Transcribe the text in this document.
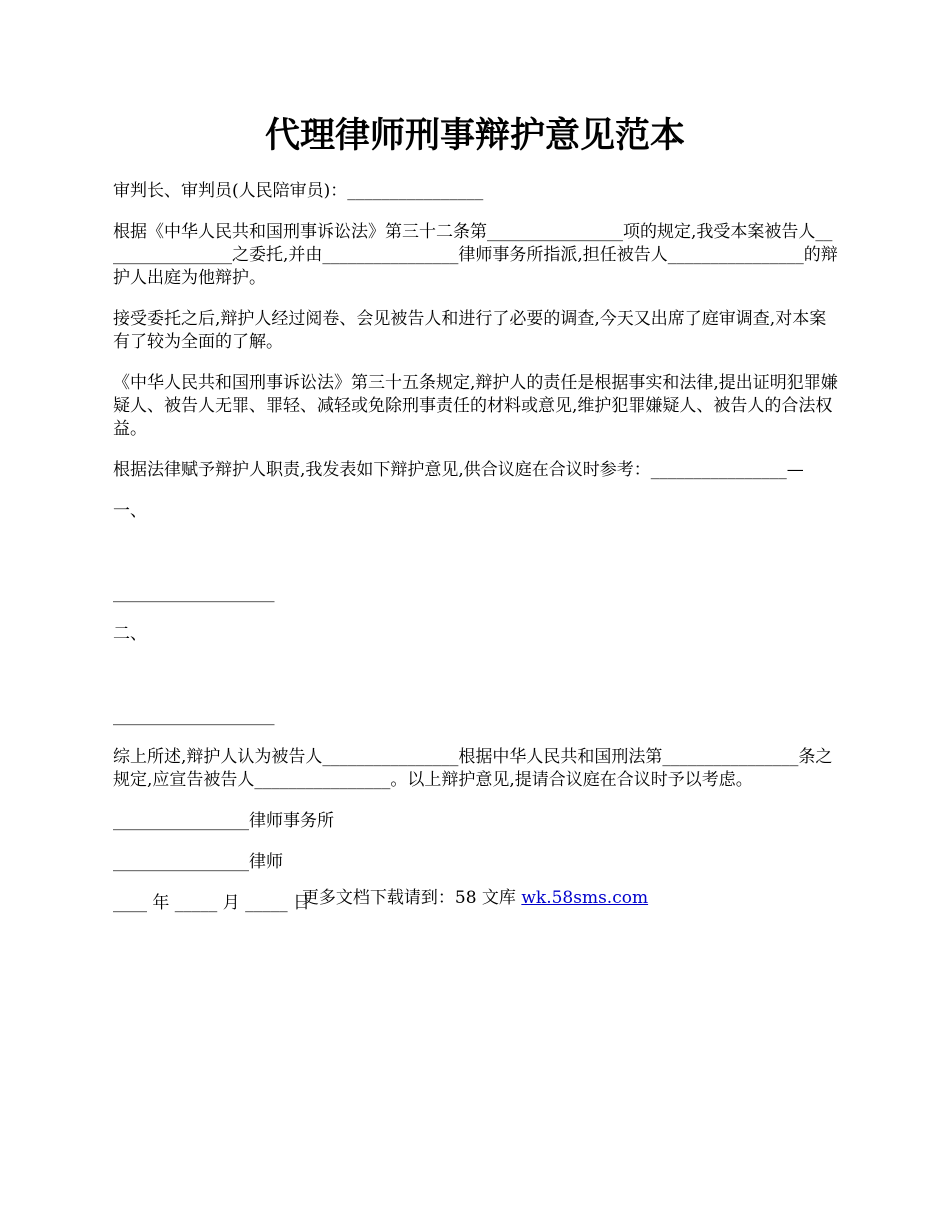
代理律师刑事辩护意见范本

审判长、审判员(人民陪审员)：________________

根据《中华人民共和国刑事诉讼法》第三十二条第________________项的规定,我受本案被告人________________之委托,并由________________律师事务所指派,担任被告人________________的辩护人出庭为他辩护。

接受委托之后,辩护人经过阅卷、会见被告人和进行了必要的调查,今天又出席了庭审调查,对本案有了较为全面的了解。

《中华人民共和国刑事诉讼法》第三十五条规定,辩护人的责任是根据事实和法律,提出证明犯罪嫌疑人、被告人无罪、罪轻、减轻或免除刑事责任的材料或意见,维护犯罪嫌疑人、被告人的合法权益。

根据法律赋予辩护人职责,我发表如下辩护意见,供合议庭在合议时参考：________________—

一、

___________________

二、

___________________

综上所述,辩护人认为被告人________________根据中华人民共和国刑法第________________条之规定,应宣告被告人________________。以上辩护意见,提请合议庭在合议时予以考虑。

________________律师事务所

________________律师

____ 年 _____ 月 _____ 日

更多文档下载请到：58 文库 wk.58sms.com
